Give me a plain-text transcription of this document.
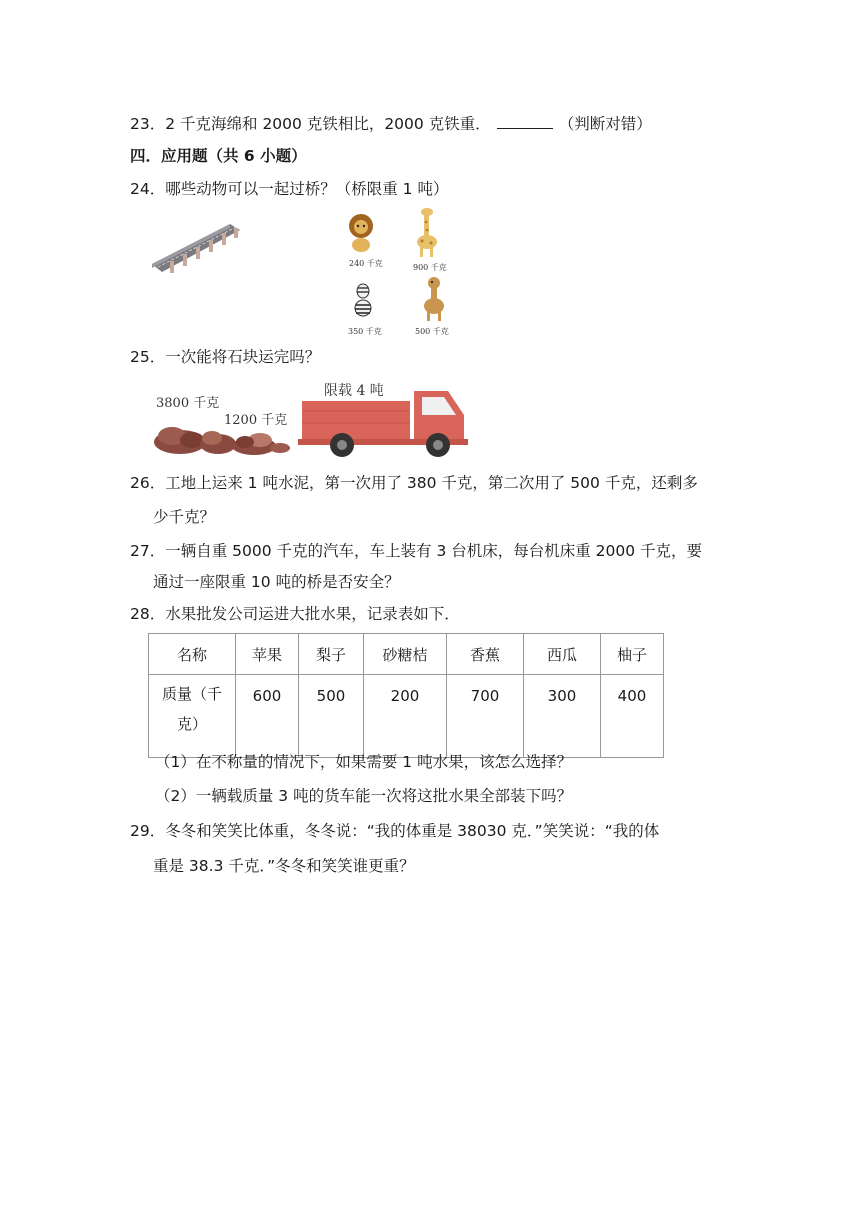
23．2 千克海绵和 2000 克铁相比，2000 克铁重．	（判断对错）
四．应用题（共 6 小题）
24．哪些动物可以一起过桥？（桥限重 1 吨）
240 千克	900 千克
350 千克	500 千克
25．一次能将石块运完吗？
3800 千克
1200 千克
限载 4 吨
26．工地上运来 1 吨水泥，第一次用了 380 千克，第二次用了 500 千克，还剩多
少千克？
27．一辆自重 5000 千克的汽车，车上装有 3 台机床，每台机床重 2000 千克，要
通过一座限重 10 吨的桥是否安全？
28．水果批发公司运进大批水果，记录表如下．
名称	苹果	梨子	砂糖桔	香蕉	西瓜	柚子

质量（千克）	600	500	200	700	300	400
（1）在不称量的情况下，如果需要 1 吨水果，该怎么选择？
（2）一辆载质量 3 吨的货车能一次将这批水果全部装下吗？
29．冬冬和笑笑比体重，冬冬说：“我的体重是 38030 克．”笑笑说：“我的体
重是 38.3 千克．”冬冬和笑笑谁更重？
